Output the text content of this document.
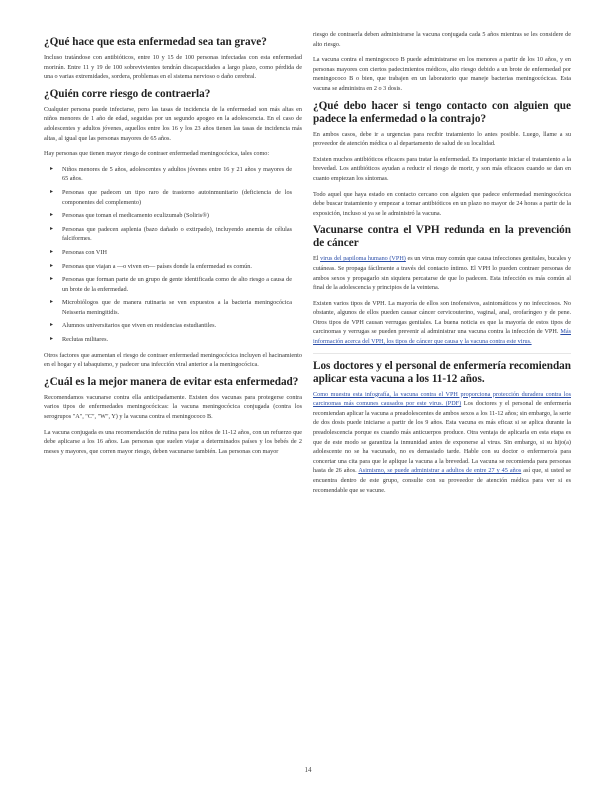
¿Qué hace que esta enfermedad sea tan grave?

Incluso tratándose con antibióticos, entre 10 y 15 de 100 personas infectadas con esta enfermedad morirán. Entre 11 y 19 de 100 sobrevivientes tendrán discapacidades a largo plazo, como pérdida de una o varias extremidades, sordera, problemas en el sistema nervioso o daño cerebral.

¿Quién corre riesgo de contraerla?

Cualquier persona puede infectarse, pero las tasas de incidencia de la enfermedad son más altas en niños menores de 1 año de edad, seguidas por un segundo apogeo en la adolescencia. En el caso de adolescentes y adultos jóvenes, aquellos entre los 16 y los 23 años tienen las tasas de incidencia más altas, al igual que las personas mayores de 65 años.

Hay personas que tienen mayor riesgo de contraer enfermedad meningocócica, tales como:

▸ Niños menores de 5 años, adolescentes y adultos jóvenes entre 16 y 21 años y mayores de 65 años.
▸ Personas que padecen un tipo raro de trastorno autoinmunitario (deficiencia de los componentes del complemento)
▸ Personas que toman el medicamento eculizumab (Soliris®)
▸ Personas que padecen asplenia (bazo dañado o extirpado), incluyendo anemia de células falciformes.
▸ Personas con VIH
▸ Personas que viajan a —o viven en— países donde la enfermedad es común.
▸ Personas que forman parte de un grupo de gente identificada como de alto riesgo a causa de un brote de la enfermedad.
▸ Microbiólogos que de manera rutinaria se ven expuestos a la bacteria meningocócica Neisseria meningitidis.
▸ Alumnos universitarios que viven en residencias estudiantiles.
▸ Reclutas militares.

Otros factores que aumentan el riesgo de contraer enfermedad meningocócica incluyen el hacinamiento en el hogar y el tabaquismo, y padecer una infección viral anterior a la meningocócica.

¿Cuál es la mejor manera de evitar esta enfermedad?

Recomendamos vacunarse contra ella anticipadamente. Existen dos vacunas para protegerse contra varios tipos de enfermedades meningocócicas: la vacuna meningocócica conjugada (contra los serogrupos "A", "C", "W", Y) y la vacuna contra el meningococo B.

La vacuna conjugada es una recomendación de rutina para los niños de 11-12 años, con un refuerzo que debe aplicarse a los 16 años. Las personas que suelen viajar a determinados países y los bebés de 2 meses y mayores, que corren mayor riesgo, deben vacunarse también. Las personas con mayor

riesgo de contraerla deben administrarse la vacuna conjugada cada 5 años mientras se les considere de alto riesgo.

La vacuna contra el meningococo B puede administrarse en los menores a partir de los 10 años, y en personas mayores con ciertos padecimientos médicos, alto riesgo debido a un brote de enfermedad por meningococo B o bien, que trabajen en un laboratorio que maneje bacterias meningocócicas. Esta vacuna se administra en 2 o 3 dosis.

¿Qué debo hacer si tengo contacto con alguien que padece la enfermedad o la contrajo?

En ambos casos, debe ir a urgencias para recibir tratamiento lo antes posible. Luego, llame a su proveedor de atención médica o al departamento de salud de su localidad.

Existen muchos antibióticos eficaces para tratar la enfermedad. Es importante iniciar el tratamiento a la brevedad. Los antibióticos ayudan a reducir el riesgo de morir, y son más eficaces cuando se dan en cuanto empiezan los síntomas.

Todo aquel que haya estado en contacto cercano con alguien que padece enfermedad meningocócica debe buscar tratamiento y empezar a tomar antibióticos en un plazo no mayor de 24 horas a partir de la exposición, incluso si ya se le administró la vacuna.

Vacunarse contra el VPH redunda en la prevención de cáncer

El virus del papiloma humano (VPH) es un virus muy común que causa infecciones genitales, bucales y cutáneas. Se propaga fácilmente a través del contacto íntimo. El VPH lo pueden contraer personas de ambos sexos y propagarlo sin siquiera percatarse de que lo padecen. Esta infección es más común al final de la adolescencia y principios de la veintena.

Existen varios tipos de VPH. La mayoría de ellos son inofensivos, asintomáticos y no infecciosos. No obstante, algunos de ellos pueden causar cáncer cervicouterino, vaginal, anal, orofaríngeo y de pene. Otros tipos de VPH causan verrugas genitales. La buena noticia es que la mayoría de estos tipos de carcinomas y verrugas se pueden prevenir al administrar una vacuna contra la infección de VPH. Más información acerca del VPH, los tipos de cáncer que causa y la vacuna contra este virus.

Los doctores y el personal de enfermería recomiendan aplicar esta vacuna a los 11-12 años.

Como muestra esta infografía, la vacuna contra el VPH proporciona protección duradera contra los carcinomas más comunes causados por este virus. (PDF) Los doctores y el personal de enfermería recomiendan aplicar la vacuna a preadolescentes de ambos sexos a los 11-12 años; sin embargo, la serie de dos dosis puede iniciarse a partir de los 9 años. Esta vacuna es más eficaz si se aplica durante la preadolescencia porque es cuando más anticuerpos produce. Otra ventaja de aplicarla en esta etapa es que de este modo se garantiza la inmunidad antes de exponerse al virus. Sin embargo, si su hijo(a) adolescente no se ha vacunado, no es demasiado tarde. Hable con su doctor o enfermero/a para concertar una cita para que le aplique la vacuna a la brevedad. La vacuna se recomienda para personas hasta de 26 años. Asimismo, se puede administrar a adultos de entre 27 y 45 años así que, si usted se encuentra dentro de este grupo, consulte con su proveedor de atención médica para ver si es recomendable que se vacune.

14
